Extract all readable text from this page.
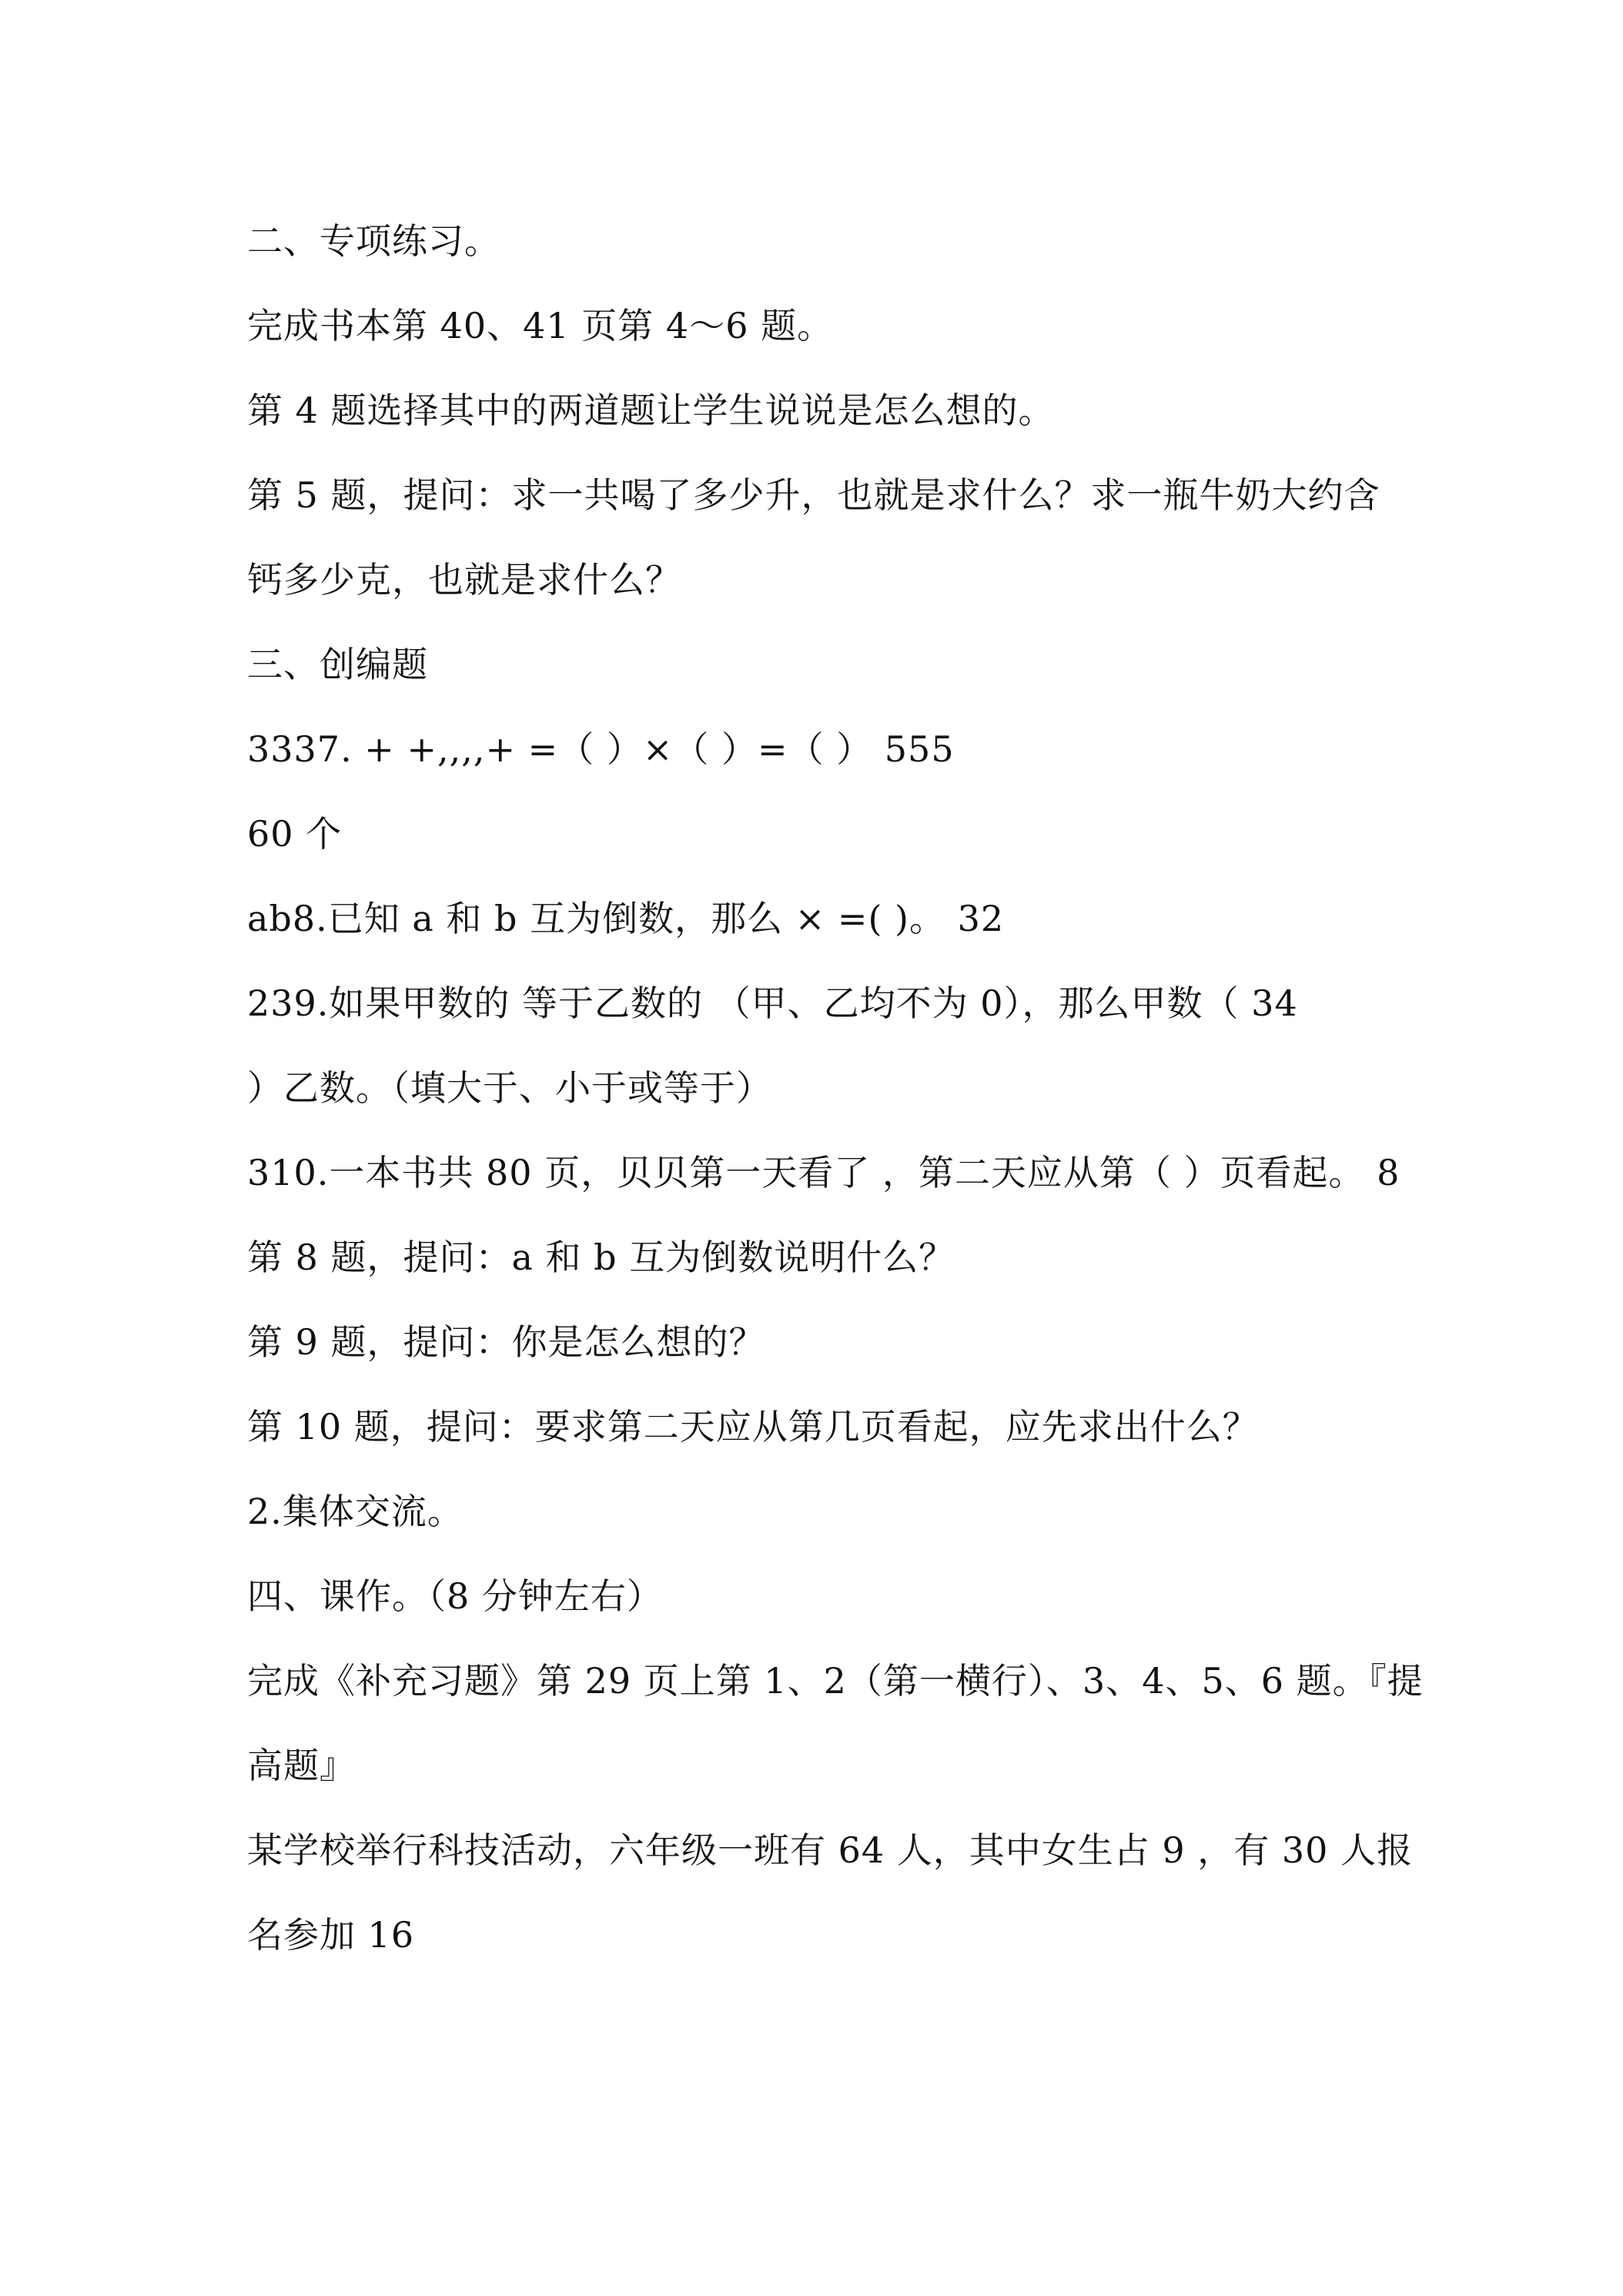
二、专项练习。
完成书本第 40、41 页第 4～6 题。
第 4 题选择其中的两道题让学生说说是怎么想的。
第 5 题，提问：求一共喝了多少升，也就是求什么？求一瓶牛奶大约含
钙多少克，也就是求什么？
三、创编题
3337. + +,,,,+ =（ ）×（ ）=（ ） 555
60 个
ab8.已知 a 和 b 互为倒数，那么 × =( )。 32
239.如果甲数的 等于乙数的 （甲、乙均不为 0），那么甲数（ 34
）乙数。（填大于、小于或等于）
310.一本书共 80 页，贝贝第一天看了 ，第二天应从第（ ）页看起。 8
第 8 题，提问：a 和 b 互为倒数说明什么？
第 9 题，提问：你是怎么想的？
第 10 题，提问：要求第二天应从第几页看起，应先求出什么？
2.集体交流。
四、课作。（8 分钟左右）
完成《补充习题》第 29 页上第 1、2（第一横行）、3、4、5、6 题。『提
高题』
某学校举行科技活动，六年级一班有 64 人，其中女生占 9 ，有 30 人报
名参加 16
